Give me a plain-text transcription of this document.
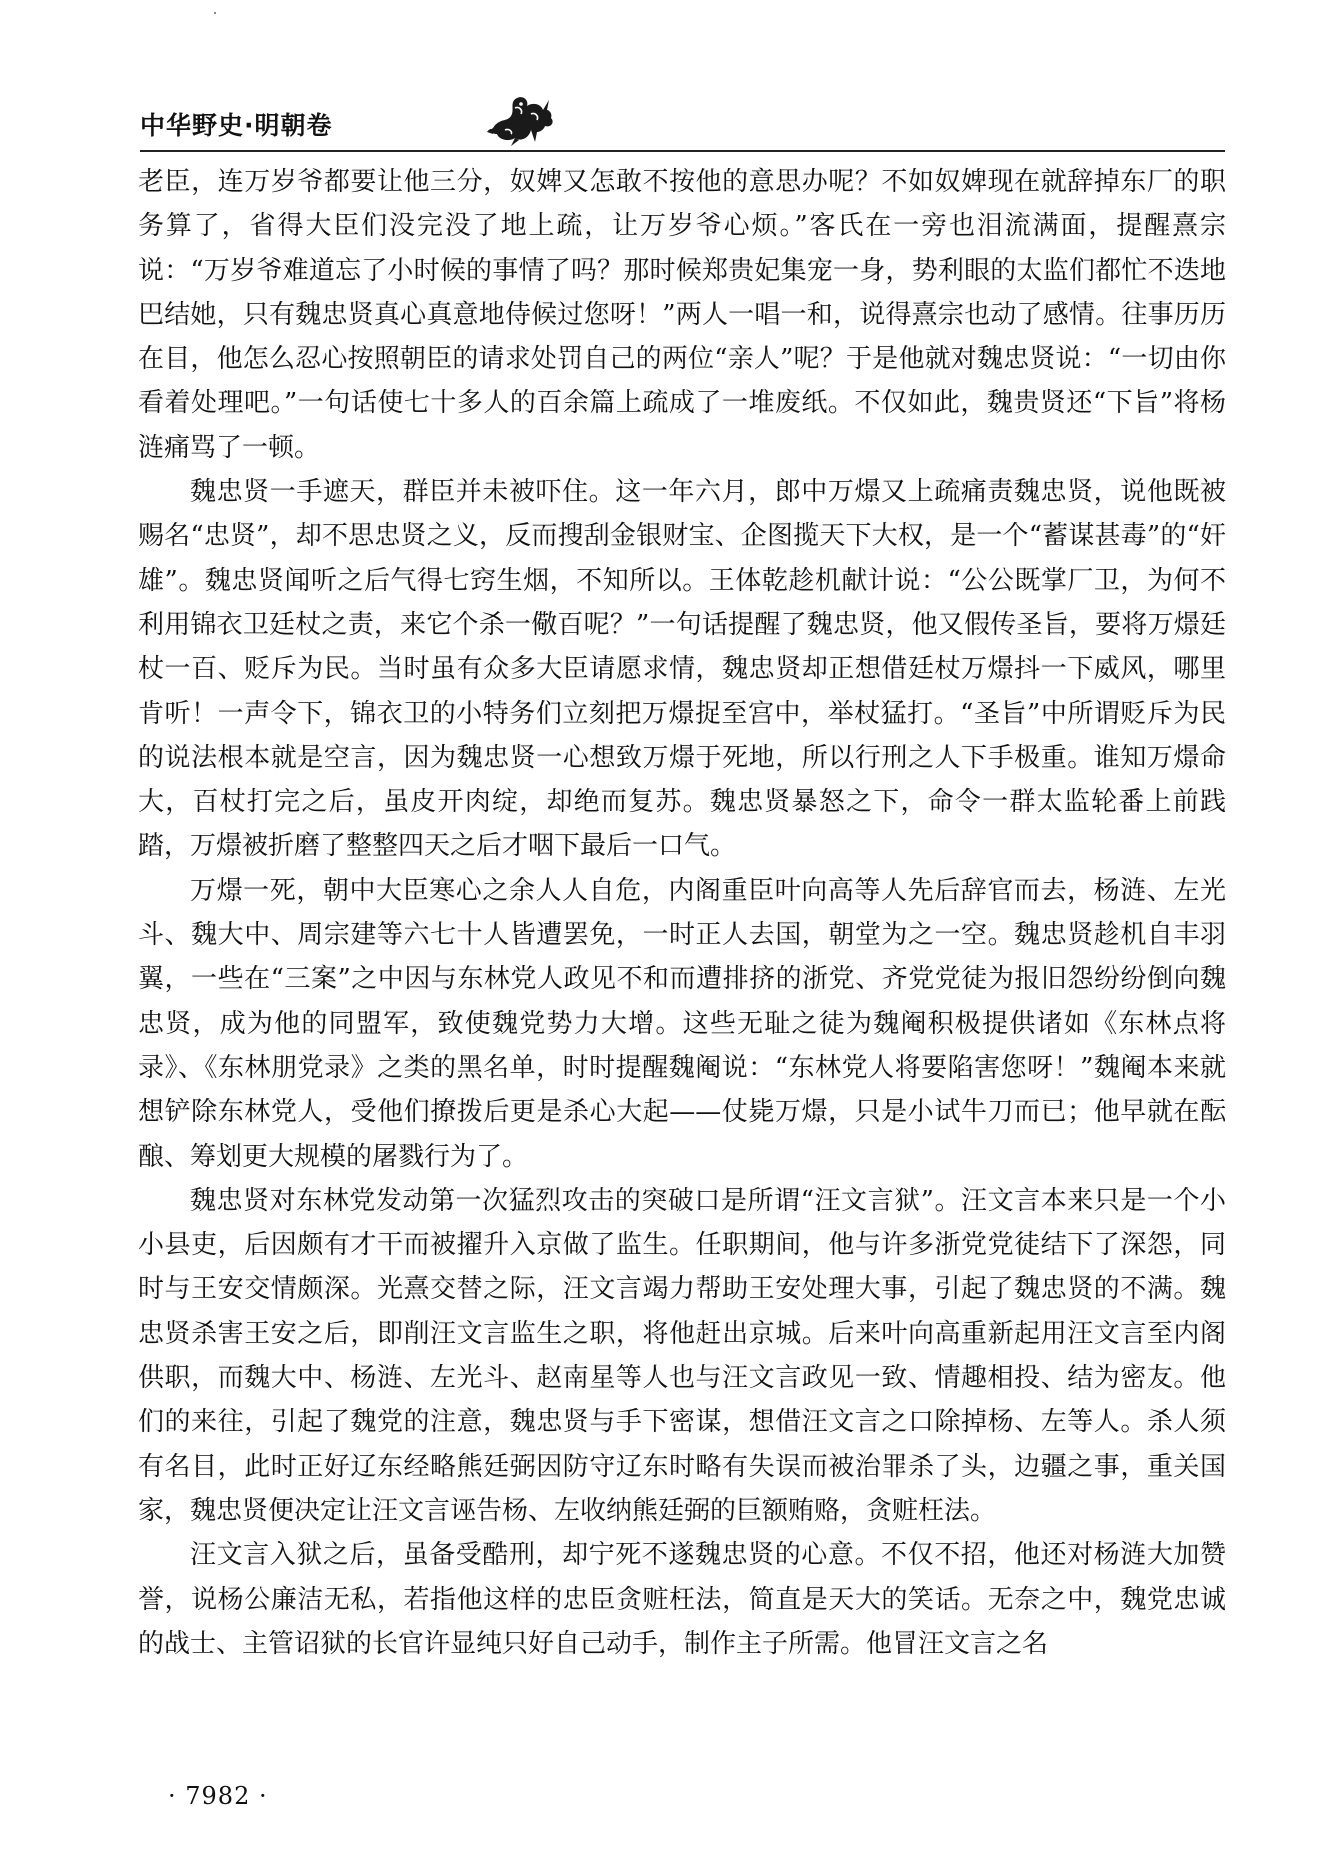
中华野史·明朝卷

老臣，连万岁爷都要让他三分，奴婢又怎敢不按他的意思办呢？不如奴婢现在就辞掉东厂的职务算了，省得大臣们没完没了地上疏，让万岁爷心烦。”客氏在一旁也泪流满面，提醒熹宗说：“万岁爷难道忘了小时候的事情了吗？那时候郑贵妃集宠一身，势利眼的太监们都忙不迭地巴结她，只有魏忠贤真心真意地侍候过您呀！”两人一唱一和，说得熹宗也动了感情。往事历历在目，他怎么忍心按照朝臣的请求处罚自己的两位“亲人”呢？于是他就对魏忠贤说：“一切由你看着处理吧。”一句话使七十多人的百余篇上疏成了一堆废纸。不仅如此，魏贵贤还“下旨”将杨涟痛骂了一顿。

魏忠贤一手遮天，群臣并未被吓住。这一年六月，郎中万燝又上疏痛责魏忠贤，说他既被赐名“忠贤”，却不思忠贤之义，反而搜刮金银财宝、企图揽天下大权，是一个“蓄谋甚毒”的“奸雄”。魏忠贤闻听之后气得七窍生烟，不知所以。王体乾趁机献计说：“公公既掌厂卫，为何不利用锦衣卫廷杖之责，来它个杀一儆百呢？”一句话提醒了魏忠贤，他又假传圣旨，要将万燝廷杖一百、贬斥为民。当时虽有众多大臣请愿求情，魏忠贤却正想借廷杖万燝抖一下威风，哪里肯听！一声令下，锦衣卫的小特务们立刻把万燝捉至宫中，举杖猛打。“圣旨”中所谓贬斥为民的说法根本就是空言，因为魏忠贤一心想致万燝于死地，所以行刑之人下手极重。谁知万燝命大，百杖打完之后，虽皮开肉绽，却绝而复苏。魏忠贤暴怒之下，命令一群太监轮番上前践踏，万燝被折磨了整整四天之后才咽下最后一口气。

万燝一死，朝中大臣寒心之余人人自危，内阁重臣叶向高等人先后辞官而去，杨涟、左光斗、魏大中、周宗建等六七十人皆遭罢免，一时正人去国，朝堂为之一空。魏忠贤趁机自丰羽翼，一些在“三案”之中因与东林党人政见不和而遭排挤的浙党、齐党党徒为报旧怨纷纷倒向魏忠贤，成为他的同盟军，致使魏党势力大增。这些无耻之徒为魏阉积极提供诸如《东林点将录》、《东林朋党录》之类的黑名单，时时提醒魏阉说：“东林党人将要陷害您呀！”魏阉本来就想铲除东林党人，受他们撩拨后更是杀心大起——仗毙万燝，只是小试牛刀而已；他早就在酝酿、筹划更大规模的屠戮行为了。

魏忠贤对东林党发动第一次猛烈攻击的突破口是所谓“汪文言狱”。汪文言本来只是一个小小县吏，后因颇有才干而被擢升入京做了监生。任职期间，他与许多浙党党徒结下了深怨，同时与王安交情颇深。光熹交替之际，汪文言竭力帮助王安处理大事，引起了魏忠贤的不满。魏忠贤杀害王安之后，即削汪文言监生之职，将他赶出京城。后来叶向高重新起用汪文言至内阁供职，而魏大中、杨涟、左光斗、赵南星等人也与汪文言政见一致、情趣相投、结为密友。他们的来往，引起了魏党的注意，魏忠贤与手下密谋，想借汪文言之口除掉杨、左等人。杀人须有名目，此时正好辽东经略熊廷弼因防守辽东时略有失误而被治罪杀了头，边疆之事，重关国家，魏忠贤便决定让汪文言诬告杨、左收纳熊廷弼的巨额贿赂，贪赃枉法。

汪文言入狱之后，虽备受酷刑，却宁死不遂魏忠贤的心意。不仅不招，他还对杨涟大加赞誉，说杨公廉洁无私，若指他这样的忠臣贪赃枉法，简直是天大的笑话。无奈之中，魏党忠诚的战士、主管诏狱的长官许显纯只好自己动手，制作主子所需。他冒汪文言之名

· 7982 ·
